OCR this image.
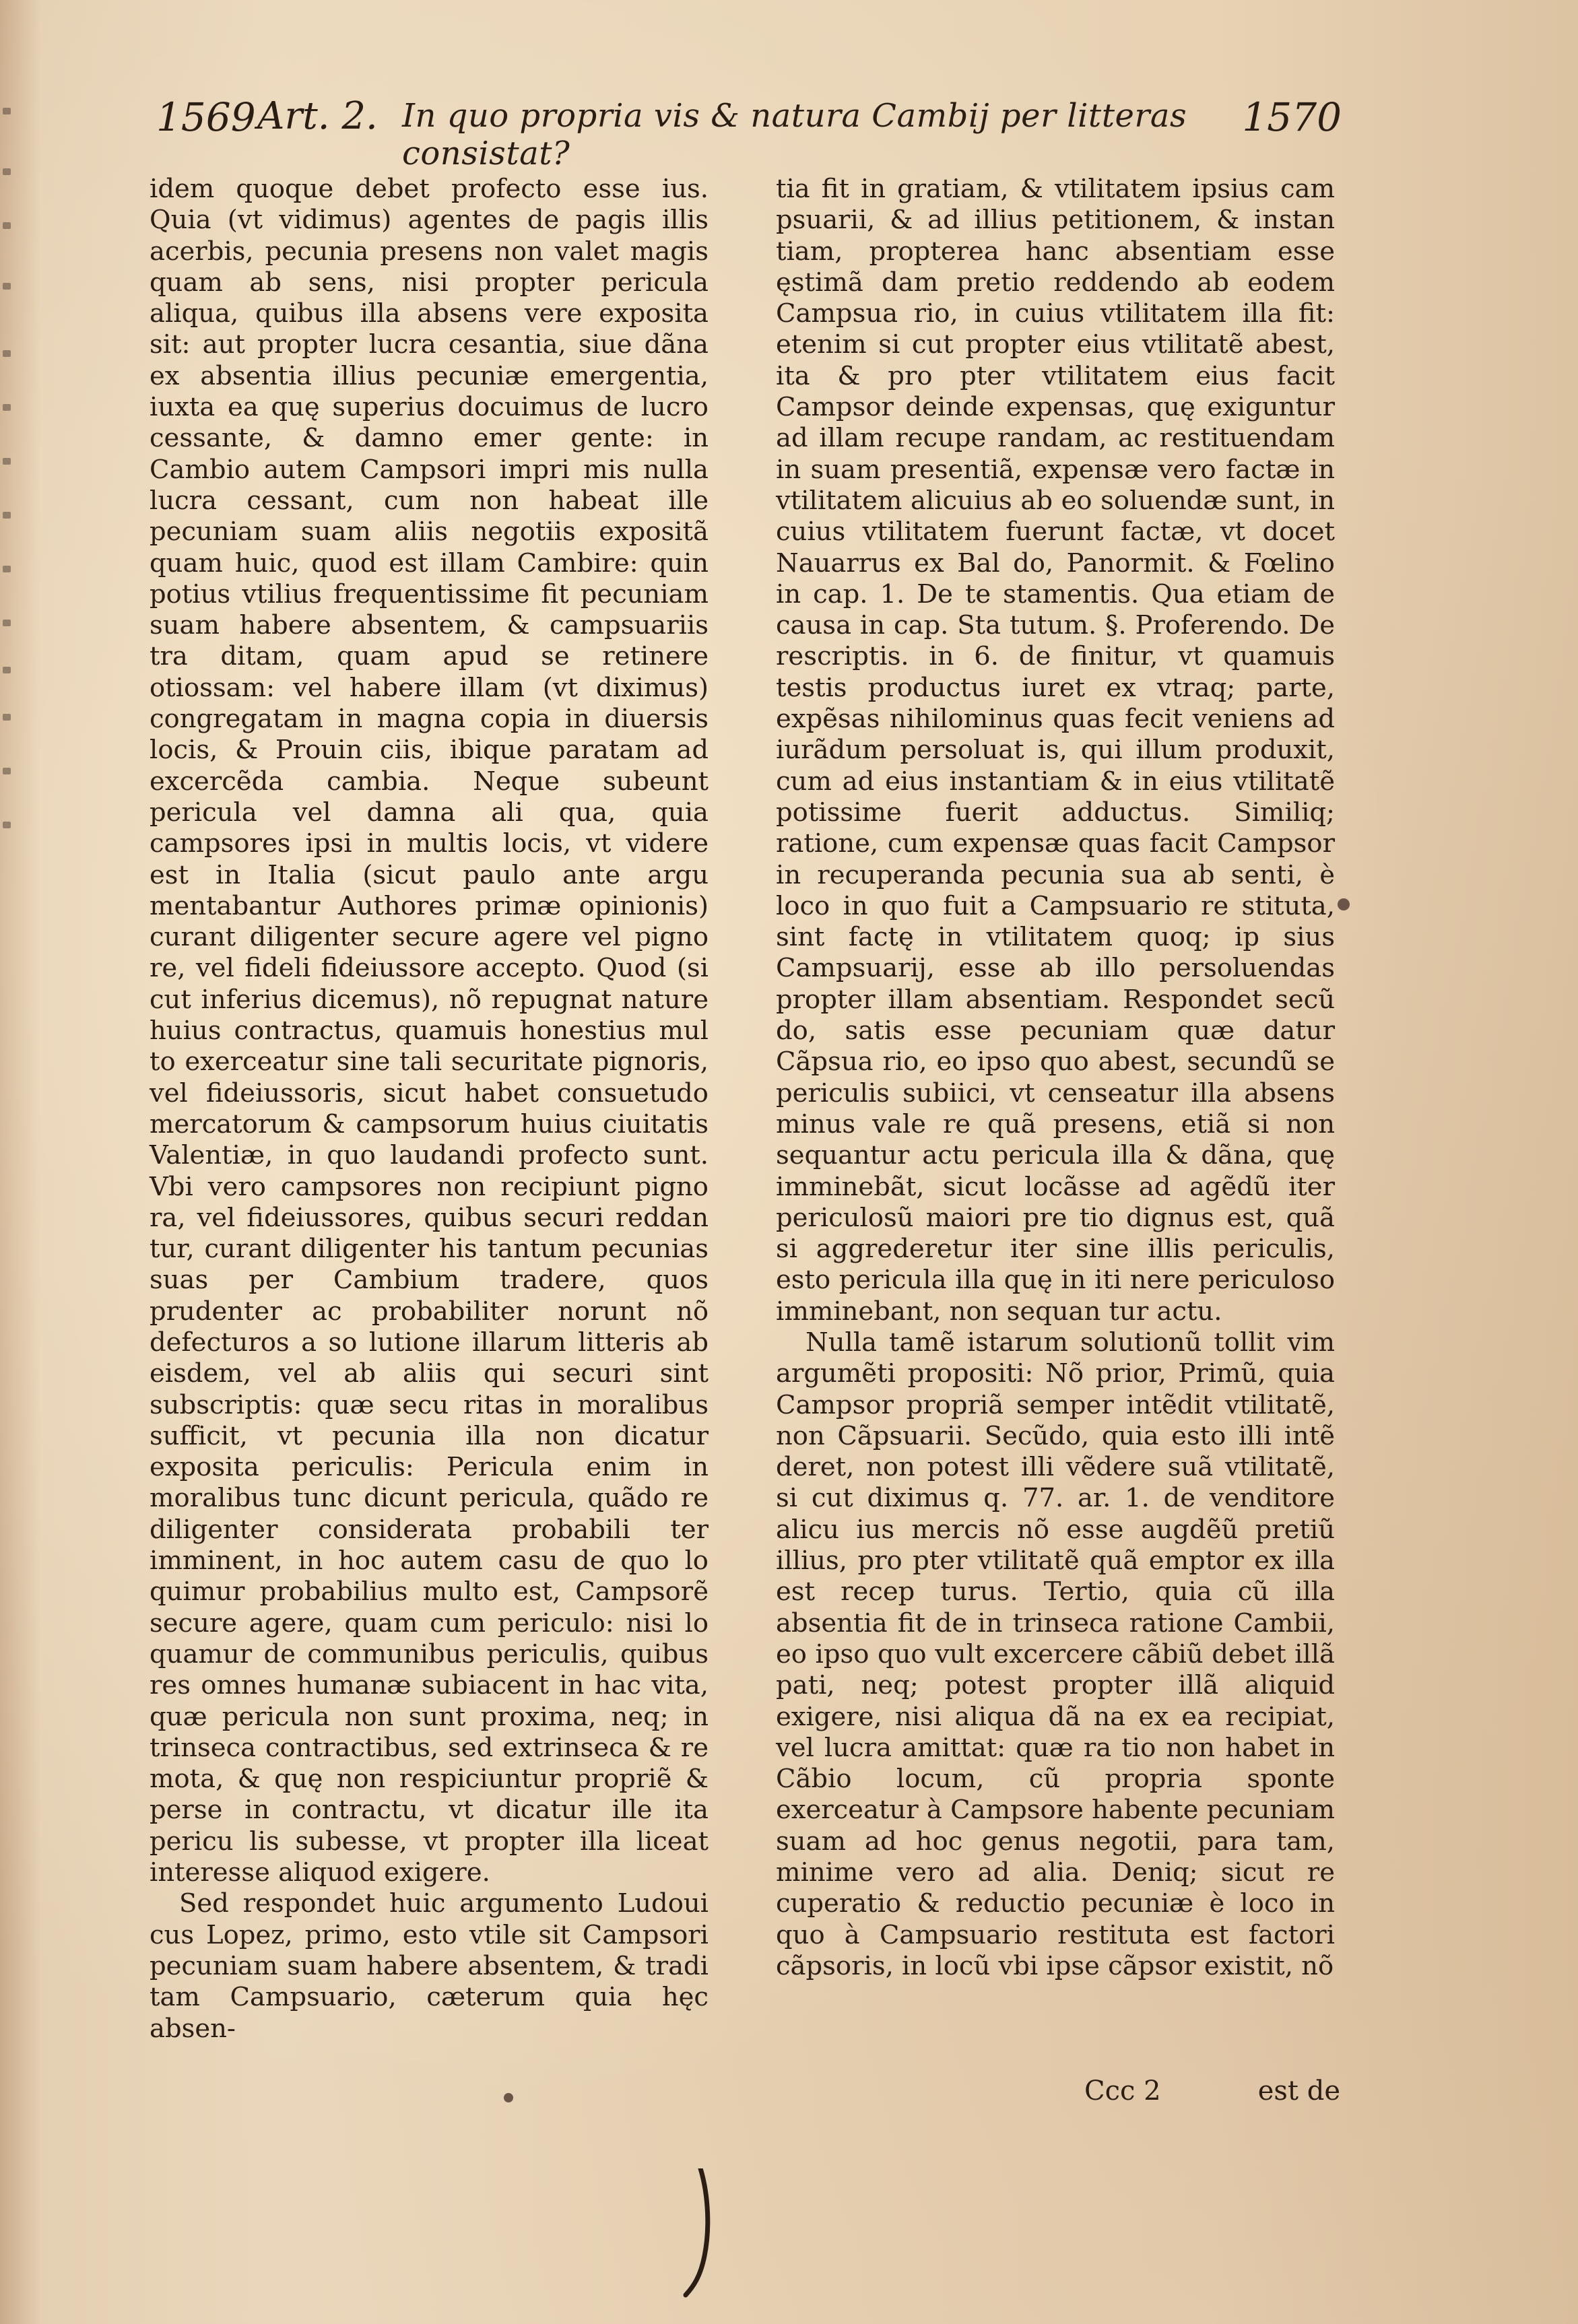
1569 Art. 2. In quo propria vis & natura Cambij per litteras consistat?
1570

idem quoque debet profecto esse ius. Quia (vt vidimus) agentes de pagis illis acerbis, pecunia presens non valet magis quam ab sens, nisi propter pericula aliqua, quibus illa absens vere exposita sit: aut propter lucra cesantia, siue dãna ex absentia illius pecuniæ emergentia, iuxta ea quę superius docuimus de lucro cessante, & damno emer gente: in Cambio autem Campsori impri mis nulla lucra cessant, cum non habeat ille pecuniam suam aliis negotiis expositã quam huic, quod est illam Cambire: quin potius vtilius frequentissime fit pecuniam suam habere absentem, & campsuariis tra ditam, quam apud se retinere otiossam: vel habere illam (vt diximus) congregatam in magna copia in diuersis locis, & Prouin ciis, ibique paratam ad excercẽda cambia. Neque subeunt pericula vel damna ali qua, quia campsores ipsi in multis locis, vt videre est in Italia (sicut paulo ante argu mentabantur Authores primæ opinionis) curant diligenter secure agere vel pigno re, vel fideli fideiussore accepto. Quod (si cut inferius dicemus), nõ repugnat nature huius contractus, quamuis honestius mul to exerceatur sine tali securitate pignoris, vel fideiussoris, sicut habet consuetudo mercatorum & campsorum huius ciuitatis Valentiæ, in quo laudandi profecto sunt. Vbi vero campsores non recipiunt pigno ra, vel fideiussores, quibus securi reddan tur, curant diligenter his tantum pecunias suas per Cambium tradere, quos prudenter ac probabiliter norunt nõ defecturos a so lutione illarum litteris ab eisdem, vel ab aliis qui securi sint subscriptis: quæ secu ritas in moralibus sufficit, vt pecunia illa non dicatur exposita periculis: Pericula enim in moralibus tunc dicunt pericula, quãdo re diligenter considerata probabili ter imminent, in hoc autem casu de quo lo quimur probabilius multo est, Campsorẽ secure agere, quam cum periculo: nisi lo quamur de communibus periculis, quibus res omnes humanæ subiacent in hac vita, quæ pericula non sunt proxima, neq; in trinseca contractibus, sed extrinseca & re mota, & quę non respiciuntur propriẽ & perse in contractu, vt dicatur ille ita pericu lis subesse, vt propter illa liceat interesse aliquod exigere.

Sed respondet huic argumento Ludoui cus Lopez, primo, esto vtile sit Campsori pecuniam suam habere absentem, & tradi tam Campsuario, cæterum quia hęc absen-

tia fit in gratiam, & vtilitatem ipsius cam psuarii, & ad illius petitionem, & instan tiam, propterea hanc absentiam esse ęstimã dam pretio reddendo ab eodem Campsua rio, in cuius vtilitatem illa fit: etenim si cut propter eius vtilitatẽ abest, ita & pro pter vtilitatem eius facit Campsor deinde expensas, quę exiguntur ad illam recupe randam, ac restituendam in suam presentiã, expensæ vero factæ in vtilitatem alicuius ab eo soluendæ sunt, in cuius vtilitatem fuerunt factæ, vt docet Nauarrus ex Bal do, Panormit. & Fœlino in cap. 1. De te stamentis. Qua etiam de causa in cap. Sta tutum. §. Proferendo. De rescriptis. in 6. de finitur, vt quamuis testis productus iuret ex vtraq; parte, expẽsas nihilominus quas fecit veniens ad iurãdum persoluat is, qui illum produxit, cum ad eius instantiam & in eius vtilitatẽ potissime fuerit adductus. Similiq; ratione, cum expensæ quas facit Campsor in recuperanda pecunia sua ab senti, è loco in quo fuit a Campsuario re stituta, sint factę in vtilitatem quoq; ip sius Campsuarij, esse ab illo persoluendas propter illam absentiam. Respondet secũ do, satis esse pecuniam quæ datur Cãpsua rio, eo ipso quo abest, secundũ se periculis subiici, vt censeatur illa absens minus vale re quã presens, etiã si non sequantur actu pericula illa & dãna, quę imminebãt, sicut locãsse ad agẽdũ iter periculosũ maiori pre tio dignus est, quã si aggrederetur iter sine illis periculis, esto pericula illa quę in iti nere periculoso imminebant, non sequan tur actu.

Nulla tamẽ istarum solutionũ tollit vim argumẽti propositi: Nõ prior, Primũ, quia Campsor propriã semper intẽdit vtilitatẽ, non Cãpsuarii. Secũdo, quia esto illi intẽ deret, non potest illi vẽdere suã vtilitatẽ, si cut diximus q. 77. ar. 1. de venditore alicu ius mercis nõ esse augdẽũ pretiũ illius, pro pter vtilitatẽ quã emptor ex illa est recep turus. Tertio, quia cũ illa absentia fit de in trinseca ratione Cambii, eo ipso quo vult excercere cãbiũ debet illã pati, neq; potest propter illã aliquid exigere, nisi aliqua dã na ex ea recipiat, vel lucra amittat: quæ ra tio non habet in Cãbio locum, cũ propria sponte exerceatur à Campsore habente pecuniam suam ad hoc genus negotii, para tam, minime vero ad alia. Deniq; sicut re cuperatio & reductio pecuniæ è loco in quo à Campsuario restituta est factori cãpsoris, in locũ vbi ipse cãpsor existit, nõ

Ccc 2	est de
